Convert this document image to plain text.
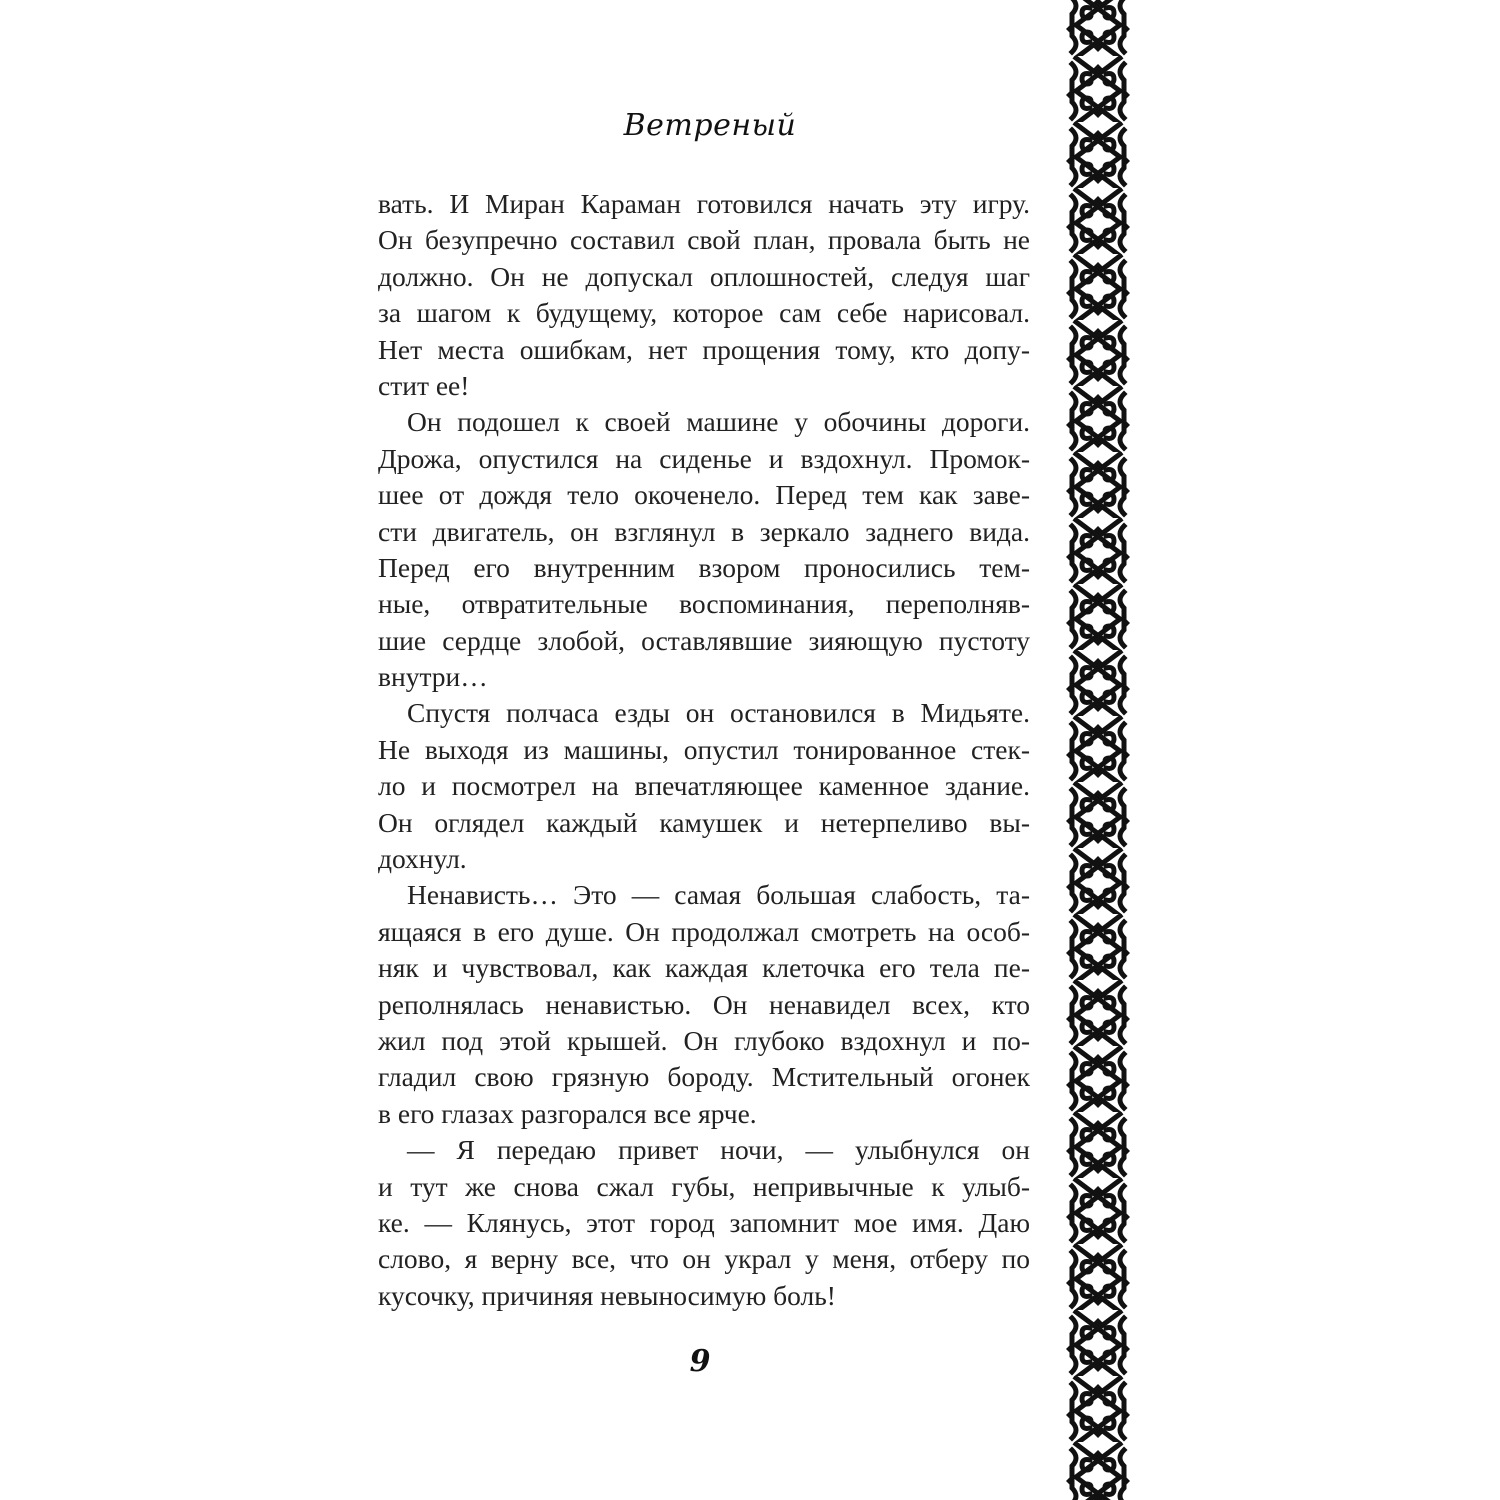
Ветреный
вать. И Миран Караман готовился начать эту игру.
Он безупречно составил свой план, провала быть не
должно. Он не допускал оплошностей, следуя шаг
за шагом к будущему, которое сам себе нарисовал.
Нет места ошибкам, нет прощения тому, кто допу-
стит ее!
Он подошел к своей машине у обочины дороги.
Дрожа, опустился на сиденье и вздохнул. Промок-
шее от дождя тело окоченело. Перед тем как заве-
сти двигатель, он взглянул в зеркало заднего вида.
Перед его внутренним взором проносились тем-
ные, отвратительные воспоминания, переполняв-
шие сердце злобой, оставлявшие зияющую пустоту
внутри…
Спустя полчаса езды он остановился в Мидьяте.
Не выходя из машины, опустил тонированное стек-
ло и посмотрел на впечатляющее каменное здание.
Он оглядел каждый камушек и нетерпеливо вы-
дохнул.
Ненависть… Это — самая большая слабость, та-
ящаяся в его душе. Он продолжал смотреть на особ-
няк и чувствовал, как каждая клеточка его тела пе-
реполнялась ненавистью. Он ненавидел всех, кто
жил под этой крышей. Он глубоко вздохнул и по-
гладил свою грязную бороду. Мстительный огонек
в его глазах разгорался все ярче.
— Я передаю привет ночи, — улыбнулся он
и тут же снова сжал губы, непривычные к улыб-
ке. — Клянусь, этот город запомнит мое имя. Даю
слово, я верну все, что он украл у меня, отберу по
кусочку, причиняя невыносимую боль!
9
